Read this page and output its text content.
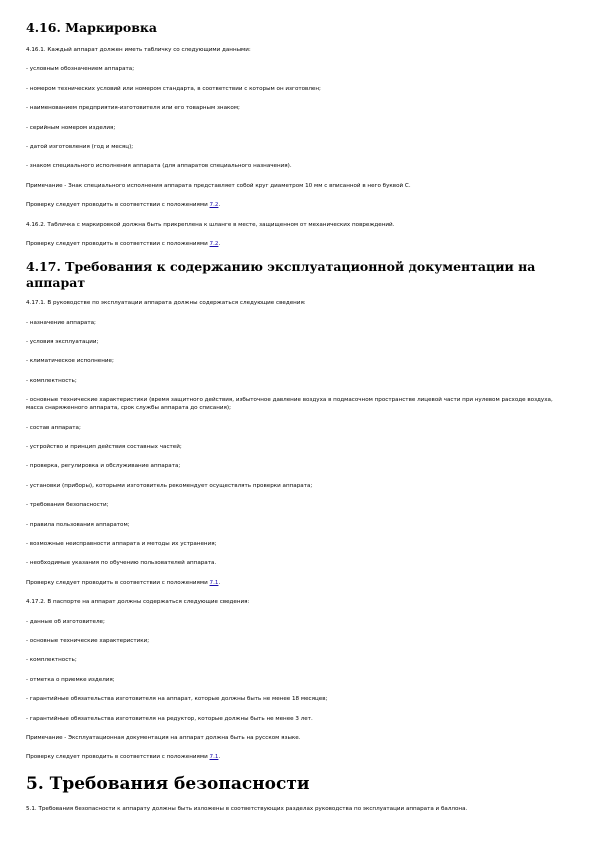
4.16. Маркировка

4.16.1. Каждый аппарат должен иметь табличку со следующими данными:

- условным обозначением аппарата;

- номером технических условий или номером стандарта, в соответствии с которым он изготовлен;

- наименованием предприятия-изготовителя или его товарным знаком;

- серийным номером изделия;

- датой изготовления (год и месяц);

- знаком специального исполнения аппарата (для аппаратов специального назначения).

Примечание - Знак специального исполнения аппарата представляет собой круг диаметром 10 мм с вписанной в него буквой С.

Проверку следует проводить в соответствии с положениями 7.2.

4.16.2. Табличка с маркировкой должна быть прикреплена к шланге в месте, защищенном от механических повреждений.

Проверку следует проводить в соответствии с положениями 7.2.

4.17. Требования к содержанию эксплуатационной документации на аппарат

4.17.1. В руководстве по эксплуатации аппарата должны содержаться следующие сведения:

- назначение аппарата;

- условия эксплуатации;

- климатическое исполнение;

- комплектность;

- основные технические характеристики (время защитного действия, избыточное давление воздуха в подмасочном пространстве лицевой части при нулевом расходе воздуха, масса снаряженного аппарата, срок службы аппарата до списания);

- состав аппарата;

- устройство и принцип действия составных частей;

- проверка, регулировка и обслуживание аппарата;

- установки (приборы), которыми изготовитель рекомендует осуществлять проверки аппарата;

- требования безопасности;

- правила пользования аппаратом;

- возможные неисправности аппарата и методы их устранения;

- необходимые указания по обучению пользователей аппарата.

Проверку следует проводить в соответствии с положениями 7.1.

4.17.2. В паспорте на аппарат должны содержаться следующие сведения:

- данные об изготовителе;

- основные технические характеристики;

- комплектность;

- отметка о приемке изделия;

- гарантийные обязательства изготовителя на аппарат, которые должны быть не менее 18 месяцев;

- гарантийные обязательства изготовителя на редуктор, которые должны быть не менее 3 лет.

Примечание - Эксплуатационная документация на аппарат должна быть на русском языке.

Проверку следует проводить в соответствии с положениями 7.1.

5. Требования безопасности

5.1. Требования безопасности к аппарату должны быть изложены в соответствующих разделах руководства по эксплуатации аппарата и баллона.
